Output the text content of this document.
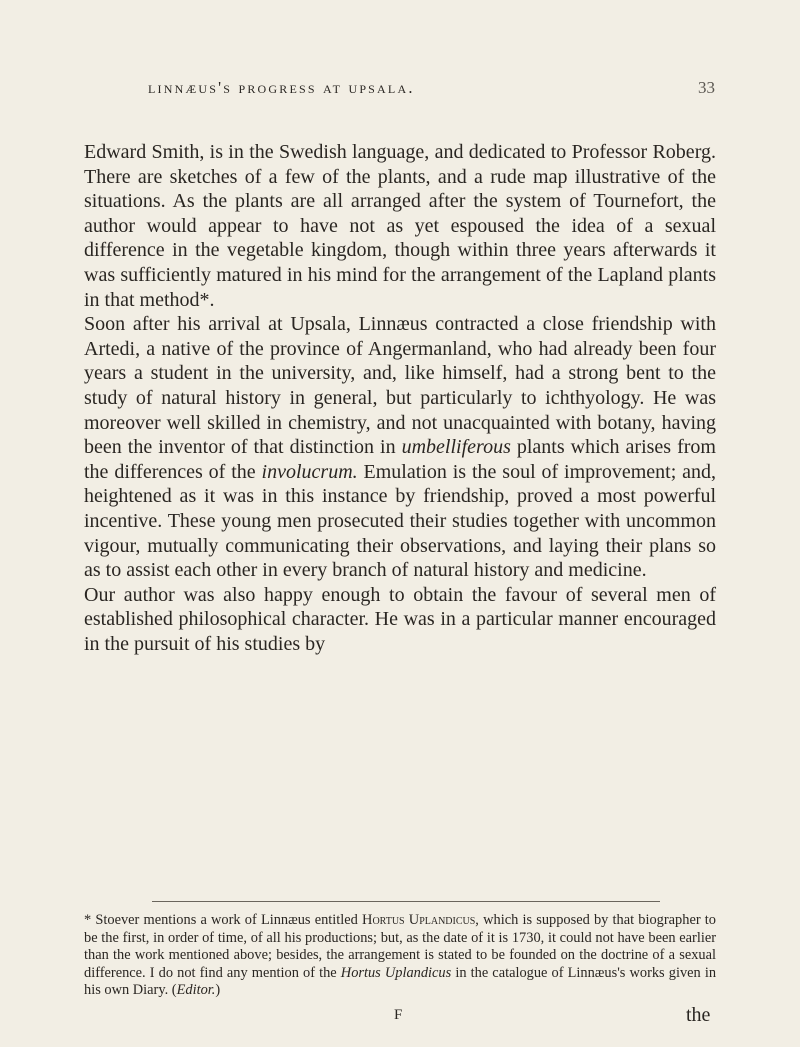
linnæus's progress at upsala.	33

Edward Smith, is in the Swedish language, and dedicated to Professor Roberg. There are sketches of a few of the plants, and a rude map illustrative of the situations. As the plants are all arranged after the system of Tournefort, the author would appear to have not as yet espoused the idea of a sexual difference in the vegetable kingdom, though within three years afterwards it was sufficiently matured in his mind for the arrangement of the Lapland plants in that method*.

Soon after his arrival at Upsala, Linnæus contracted a close friendship with Artedi, a native of the province of Angermanland, who had already been four years a student in the university, and, like himself, had a strong bent to the study of natural history in general, but particularly to ichthyology. He was moreover well skilled in chemistry, and not unacquainted with botany, having been the inventor of that distinction in umbelliferous plants which arises from the differences of the involucrum. Emulation is the soul of improvement; and, heightened as it was in this instance by friendship, proved a most powerful incentive. These young men prosecuted their studies together with uncommon vigour, mutually communicating their observations, and laying their plans so as to assist each other in every branch of natural history and medicine.

Our author was also happy enough to obtain the favour of several men of established philosophical character. He was in a particular manner encouraged in the pursuit of his studies by

* Stoever mentions a work of Linnæus entitled Hortus Uplandicus, which is supposed by that biographer to be the first, in order of time, of all his productions; but, as the date of it is 1730, it could not have been earlier than the work mentioned above; besides, the arrangement is stated to be founded on the doctrine of a sexual difference. I do not find any mention of the Hortus Uplandicus in the catalogue of Linnæus's works given in his own Diary. (Editor.)

F	the
